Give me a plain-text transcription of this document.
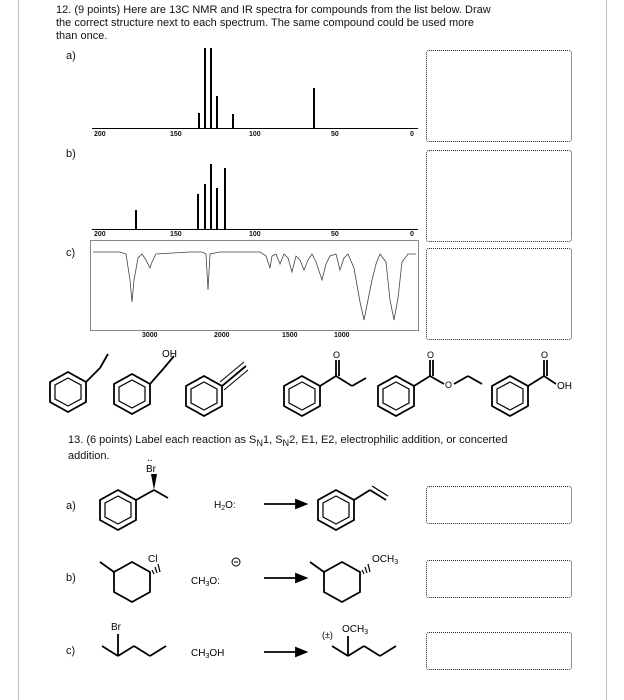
12. (9 points) Here are 13C NMR and IR spectra for compounds from the list below. Draw
the correct structure next to each spectrum. The same compound could be used more
than once.
a)
b)
c)
200	150	100	50	0
200	150	100	50	0
3000	2000	1500	1000
OH	O	O
O
O
OH
13. (6 points) Label each reaction as $S_N1$, $S_N2$, E1, E2, electrophilic addition, or concerted
addition.
a)
b)
c)
Br
..
$H_2O$:
Cl
$CH_3O$:
$OCH_3$
Br
$CH_3OH$
(±) $OCH_3$
